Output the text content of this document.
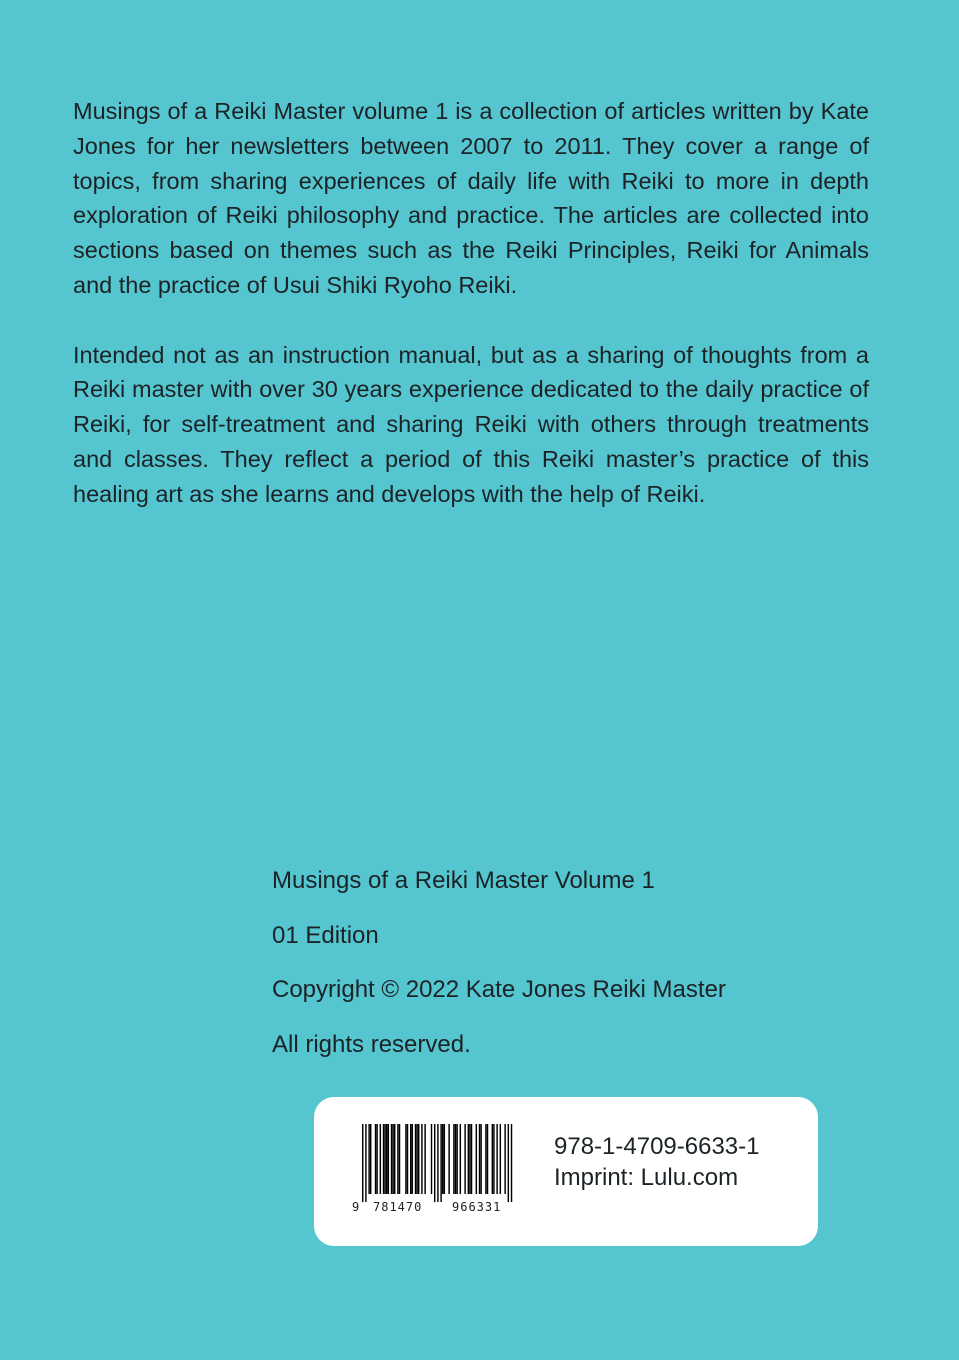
Musings of a Reiki Master volume 1 is a collection of articles written by Kate Jones for her newsletters between 2007 to 2011. They cover a range of topics, from sharing experiences of daily life with Reiki to more in depth exploration of Reiki philosophy and practice. The articles are collected into sections based on themes such as the Reiki Principles, Reiki for Animals and the practice of Usui Shiki Ryoho Reiki.

Intended not as an instruction manual, but as a sharing of thoughts from a Reiki master with over 30 years experience dedicated to the daily practice of Reiki, for self-treatment and sharing Reiki with others through treatments and classes. They reflect a period of this Reiki master’s practice of this healing art as she learns and develops with the help of Reiki.

Musings of a Reiki Master Volume 1
01 Edition
Copyright © 2022 Kate Jones Reiki Master
All rights reserved.
9 781470 966331
978-1-4709-6633-1
Imprint: Lulu.com
